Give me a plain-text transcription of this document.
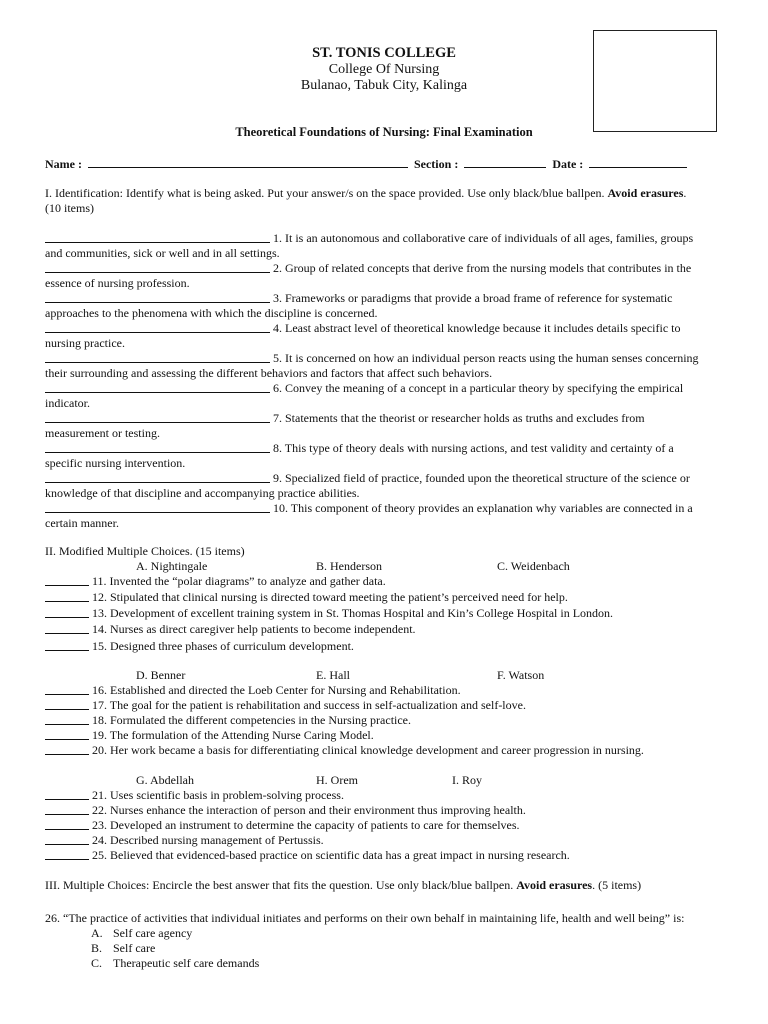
ST. TONIS COLLEGE
College Of Nursing
Bulanao, Tabuk City, Kalinga
Theoretical Foundations of Nursing: Final Examination
Name :	Section :	Date :
I. Identification: Identify what is being asked. Put your answer/s on the space provided. Use only black/blue ballpen. Avoid erasures.
(10 items)
1. It is an autonomous and collaborative care of individuals of all ages, families, groups
and communities, sick or well and in all settings.
2. Group of related concepts that derive from the nursing models that contributes in the
essence of nursing profession.
3. Frameworks or paradigms that provide a broad frame of reference for systematic
approaches to the phenomena with which the discipline is concerned.
4. Least abstract level of theoretical knowledge because it includes details specific to
nursing practice.
5. It is concerned on how an individual person reacts using the human senses concerning
their surrounding and assessing the different behaviors and factors that affect such behaviors.
6. Convey the meaning of a concept in a particular theory by specifying the empirical
indicator.
7. Statements that the theorist or researcher holds as truths and excludes from
measurement or testing.
8. This type of theory deals with nursing actions, and test validity and certainty of a
specific nursing intervention.
9. Specialized field of practice, founded upon the theoretical structure of the science or
knowledge of that discipline and accompanying practice abilities.
10. This component of theory provides an explanation why variables are connected in a
certain manner.
II. Modified Multiple Choices. (15 items)
A. Nightingale	B. Henderson	C. Weidenbach
11. Invented the “polar diagrams” to analyze and gather data.
12. Stipulated that clinical nursing is directed toward meeting the patient’s perceived need for help.
13. Development of excellent training system in St. Thomas Hospital and Kin’s College Hospital in London.
14. Nurses as direct caregiver help patients to become independent.
15. Designed three phases of curriculum development.
D. Benner	E. Hall	F. Watson
16. Established and directed the Loeb Center for Nursing and Rehabilitation.
17. The goal for the patient is rehabilitation and success in self-actualization and self-love.
18. Formulated the different competencies in the Nursing practice.
19. The formulation of the Attending Nurse Caring Model.
20. Her work became a basis for differentiating clinical knowledge development and career progression in nursing.
G. Abdellah	H. Orem	I. Roy
21. Uses scientific basis in problem-solving process.
22. Nurses enhance the interaction of person and their environment thus improving health.
23. Developed an instrument to determine the capacity of patients to care for themselves.
24. Described nursing management of Pertussis.
25. Believed that evidenced-based practice on scientific data has a great impact in nursing research.
III. Multiple Choices: Encircle the best answer that fits the question. Use only black/blue ballpen. Avoid erasures. (5 items)
26. “The practice of activities that individual initiates and performs on their own behalf in maintaining life, health and well being” is:
A. Self care agency
B. Self care
C. Therapeutic self care demands
